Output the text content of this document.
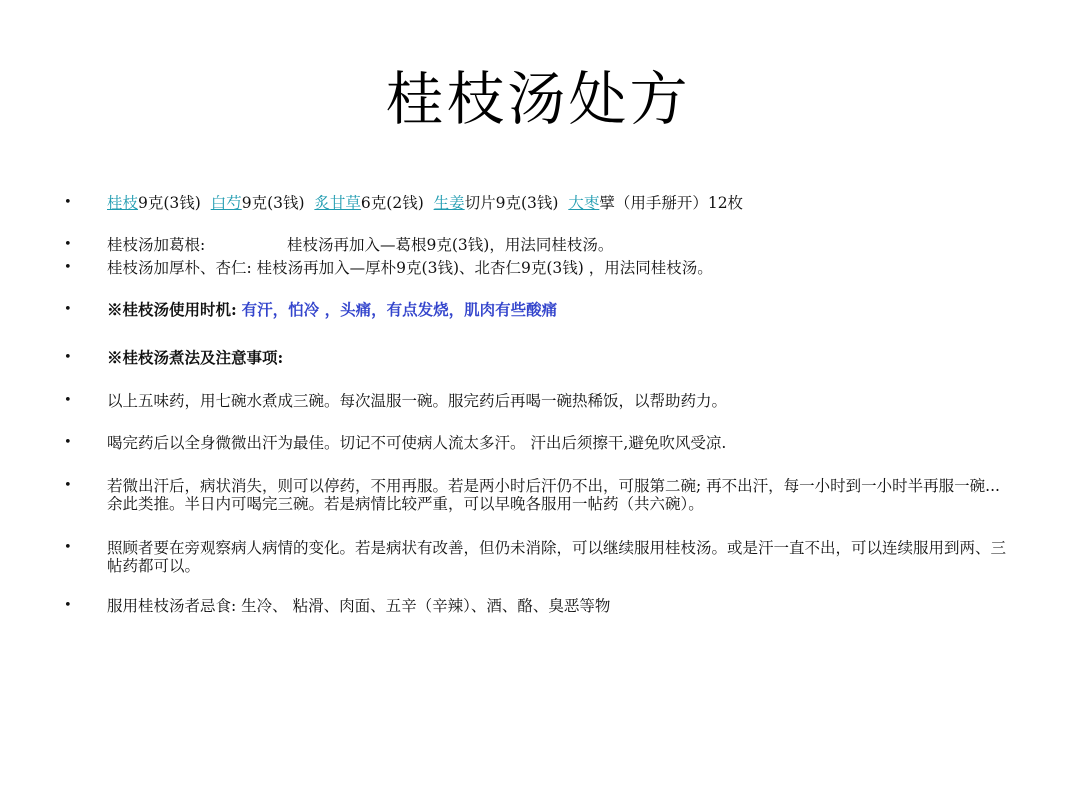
桂枝汤处方
• 桂枝9克(3钱) 白芍9克(3钱) 炙甘草6克(2钱) 生姜切片9克(3钱) 大枣擘（用手掰开）12枚
• 桂枝汤加葛根:	桂枝汤再加入—葛根9克(3钱)，用法同桂枝汤。
• 桂枝汤加厚朴、杏仁: 桂枝汤再加入—厚朴9克(3钱)、北杏仁9克(3钱) ，用法同桂枝汤。
• ※桂枝汤使用时机: 有汗，怕冷 ，头痛，有点发烧，肌肉有些酸痛
• ※桂枝汤煮法及注意事项:
• 以上五味药，用七碗水煮成三碗。每次温服一碗。服完药后再喝一碗热稀饭，以帮助药力。
• 喝完药后以全身微微出汗为最佳。切记不可使病人流太多汗。 汗出后须擦干,避免吹风受凉.
• 若微出汗后，病状消失，则可以停药，不用再服。若是两小时后汗仍不出，可服第二碗; 再不出汗，每一小时到一小时半再服一碗...余此类推。半日内可喝完三碗。若是病情比较严重，可以早晚各服用一帖药（共六碗）。
• 照顾者要在旁观察病人病情的变化。若是病状有改善，但仍未消除，可以继续服用桂枝汤。或是汗一直不出，可以连续服用到两、三帖药都可以。
• 服用桂枝汤者忌食: 生冷、 粘滑、肉面、五辛（辛辣）、酒、酪、臭恶等物
